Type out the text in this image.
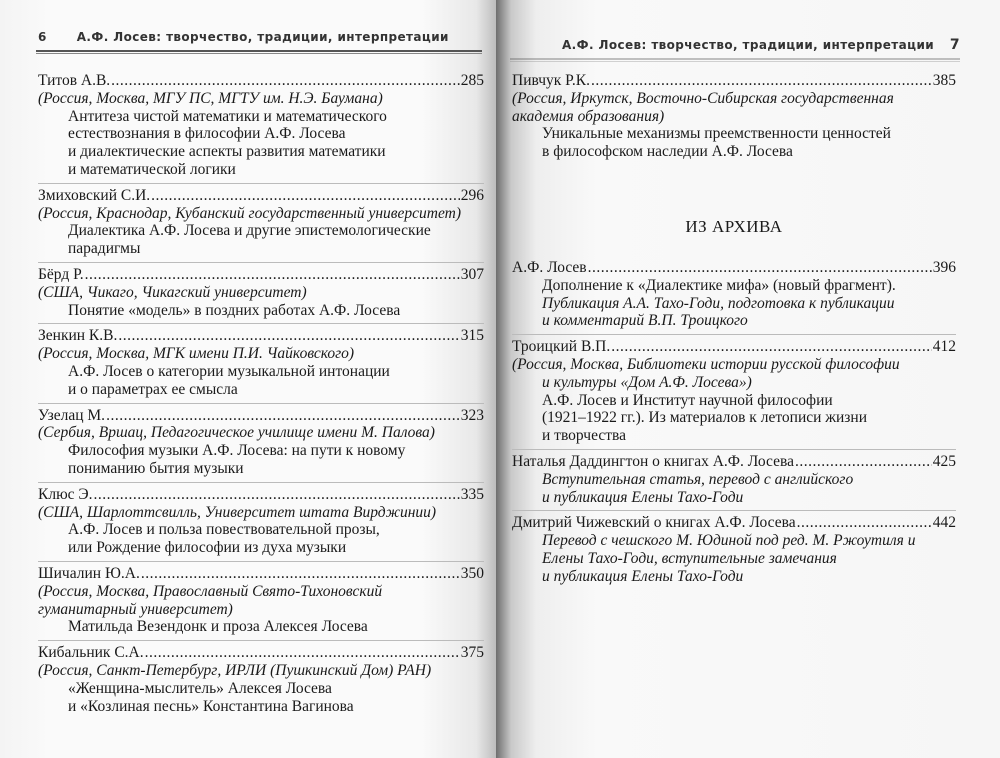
6	А.Ф. Лосев: творчество, традиции, интерпретации
Титов А.В. .....	285
(Россия, Москва, МГУ ПС, МГТУ им. Н.Э. Баумана)
Антитеза чистой математики и математического
естествознания в философии А.Ф. Лосева
и диалектические аспекты развития математики
и математической логики
Змиховский С.И. .....	296
(Россия, Краснодар, Кубанский государственный университет)
Диалектика А.Ф. Лосева и другие эпистемологические
парадигмы
Бёрд Р. .....	307
(США, Чикаго, Чикагский университет)
Понятие «модель» в поздних работах А.Ф. Лосева
Зенкин К.В. .....	315
(Россия, Москва, МГК имени П.И. Чайковского)
А.Ф. Лосев о категории музыкальной интонации
и о параметрах ее смысла
Узелац М. .....	323
(Сербия, Вршац, Педагогическое училище имени М. Палова)
Философия музыки А.Ф. Лосева: на пути к новому
пониманию бытия музыки
Клюс Э. .....	335
(США, Шарлоттсвилль, Университет штата Вирджинии)
А.Ф. Лосев и польза повествовательной прозы,
или Рождение философии из духа музыки
Шичалин Ю.А. .....	350
(Россия, Москва, Православный Свято-Тихоновский
гуманитарный университет)
Матильда Везендонк и проза Алексея Лосева
Кибальник С.А. .....	375
(Россия, Санкт-Петербург, ИРЛИ (Пушкинский Дом) РАН)
«Женщина-мыслитель» Алексея Лосева
и «Козлиная песнь» Константина Вагинова
А.Ф. Лосев: творчество, традиции, интерпретации 7
Пивчук Р.К. .....	385
(Россия, Иркутск, Восточно-Сибирская государственная
академия образования)
Уникальные механизмы преемственности ценностей
в философском наследии А.Ф. Лосева
ИЗ АРХИВА
А.Ф. Лосев .....	396
Дополнение к «Диалектике мифа» (новый фрагмент).
Публикация А.А. Тахо-Годи, подготовка к публикации
и комментарий В.П. Троицкого
Троицкий В.П. .....	412
(Россия, Москва, Библиотеки истории русской философии
и культуры «Дом А.Ф. Лосева»)
А.Ф. Лосев и Институт научной философии
(1921–1922 гг.). Из материалов к летописи жизни
и творчества
Наталья Даддингтон о книгах А.Ф. Лосева .....	425
Вступительная статья, перевод с английского
и публикация Елены Тахо-Годи
Дмитрий Чижевский о книгах А.Ф. Лосева .....	442
Перевод с чешского М. Юдиной под ред. М. Ржоутиля и
Елены Тахо-Годи, вступительные замечания
и публикация Елены Тахо-Годи
